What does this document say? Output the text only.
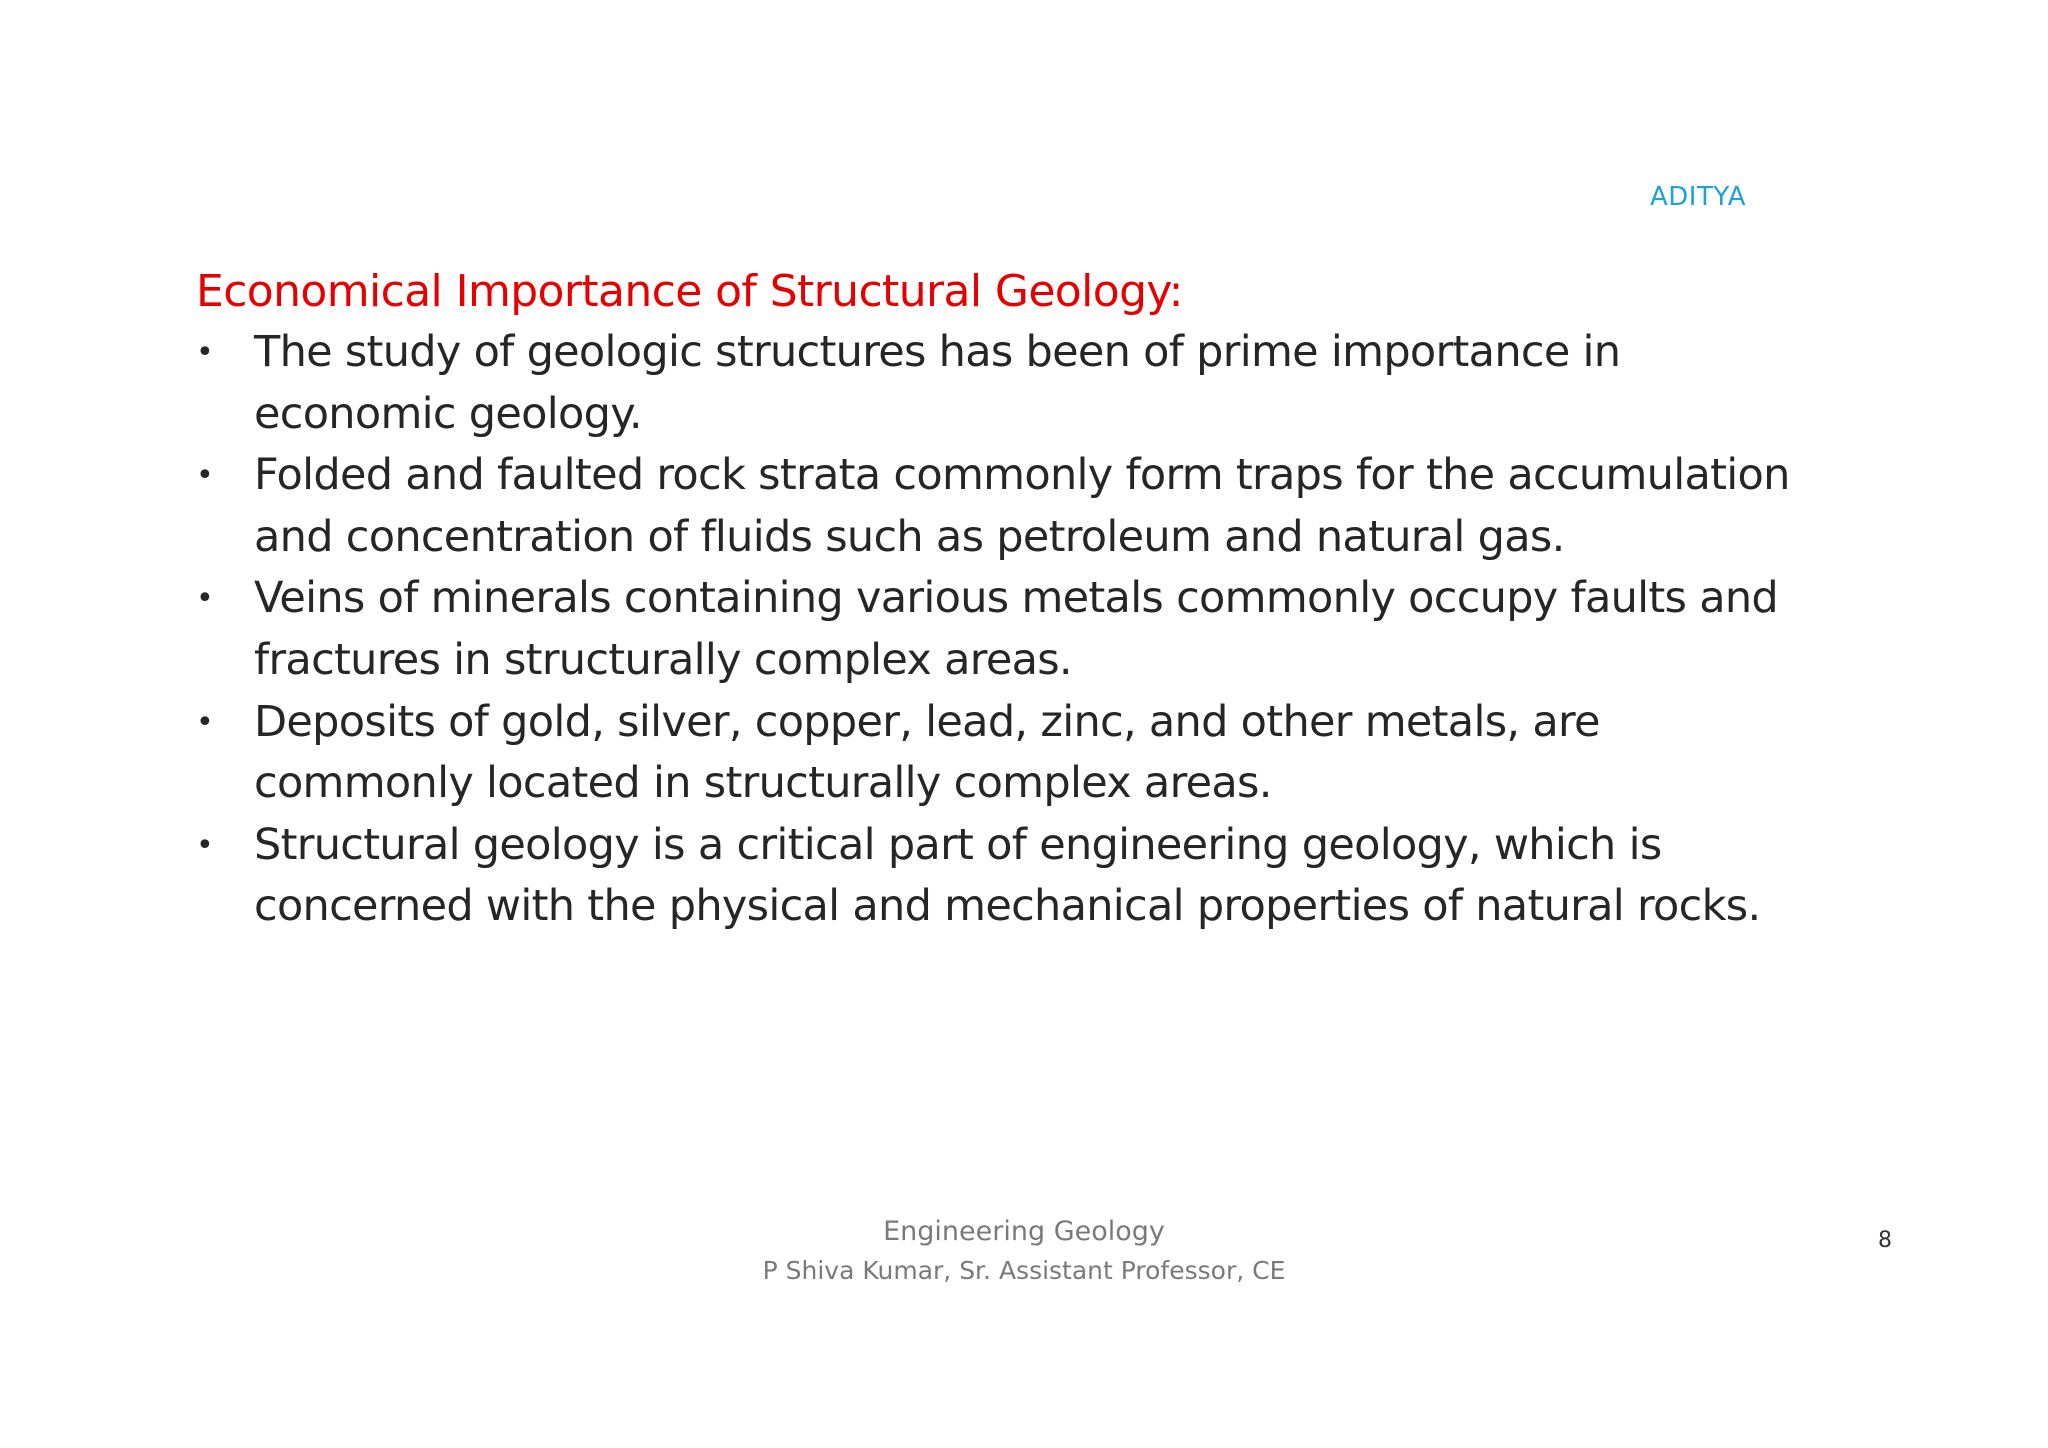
ADITYA
Economical Importance of Structural Geology:
• The study of geologic structures has been of prime importance in economic geology.
• Folded and faulted rock strata commonly form traps for the accumulation and concentration of fluids such as petroleum and natural gas.
• Veins of minerals containing various metals commonly occupy faults and fractures in structurally complex areas.
• Deposits of gold, silver, copper, lead, zinc, and other metals, are commonly located in structurally complex areas.
• Structural geology is a critical part of engineering geology, which is concerned with the physical and mechanical properties of natural rocks.
Engineering Geology
P Shiva Kumar, Sr. Assistant Professor, CE
8
